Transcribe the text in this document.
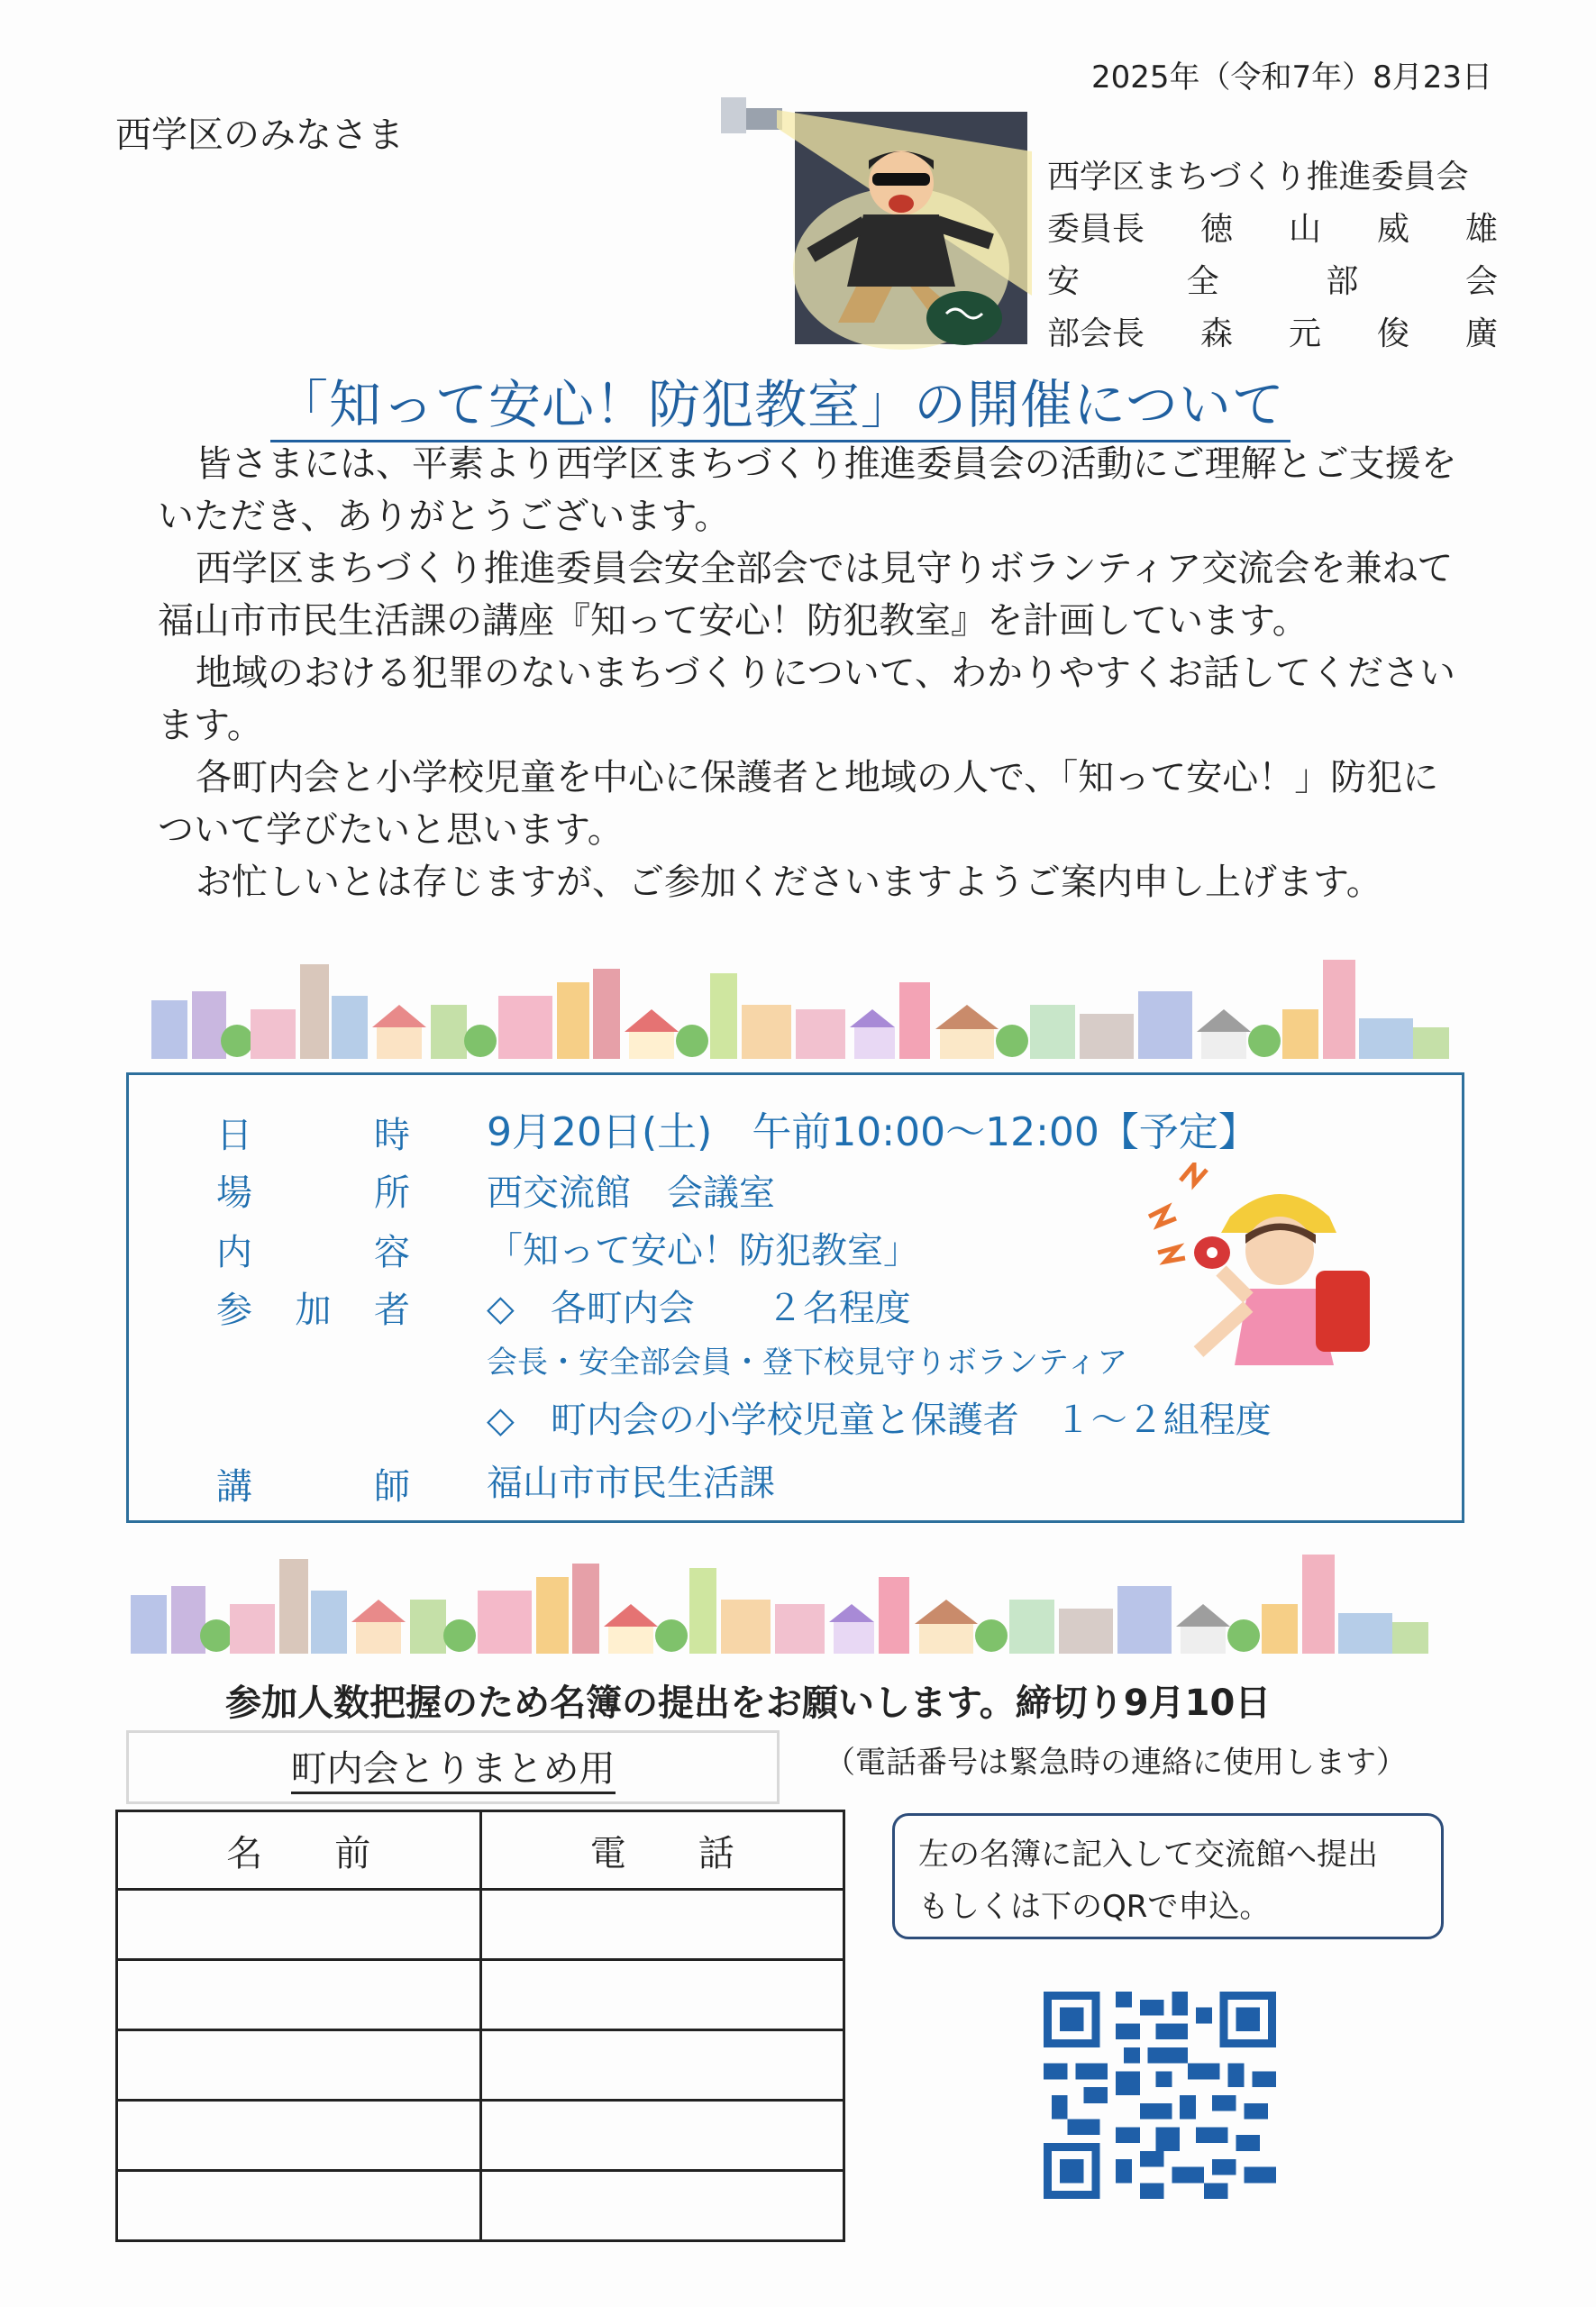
2025年（令和7年）8月23日
西学区のみなさま
西学区まちづくり推進委員会
委員長 徳 山 威 雄
安	全	部	会
部会長 森 元 俊 廣
「知って安心！防犯教室」の開催について

皆さまには、平素より西学区まちづくり推進委員会の活動にご理解とご支援をいただき、ありがとうございます。

西学区まちづくり推進委員会安全部会では見守りボランティア交流会を兼ねて福山市市民生活課の講座『知って安心！防犯教室』を計画しています。

地域のおける犯罪のないまちづくりについて、わかりやすくお話してくださいます。

各町内会と小学校児童を中心に保護者と地域の人で、「知って安心！」防犯について学びたいと思います。

お忙しいとは存じますが、ご参加くださいますようご案内申し上げます。

日	時 9月20日(土)　午前10:00～12:00【予定】
場	所 西交流館　会議室
内	容 「知って安心！防犯教室」
参 加 者 ◇　各町内会　　２名程度
会長・安全部会員・登下校見守りボランティア
◇　町内会の小学校児童と保護者　１～２組程度
講	師 福山市市民生活課
参加人数把握のため名簿の提出をお願いします。締切り9月10日
町内会とりまとめ用	（電話番号は緊急時の連絡に使用します）
名　　前	電　　話

		左の名簿に記入して交流館へ提出
もしくは下のQRで申込。
